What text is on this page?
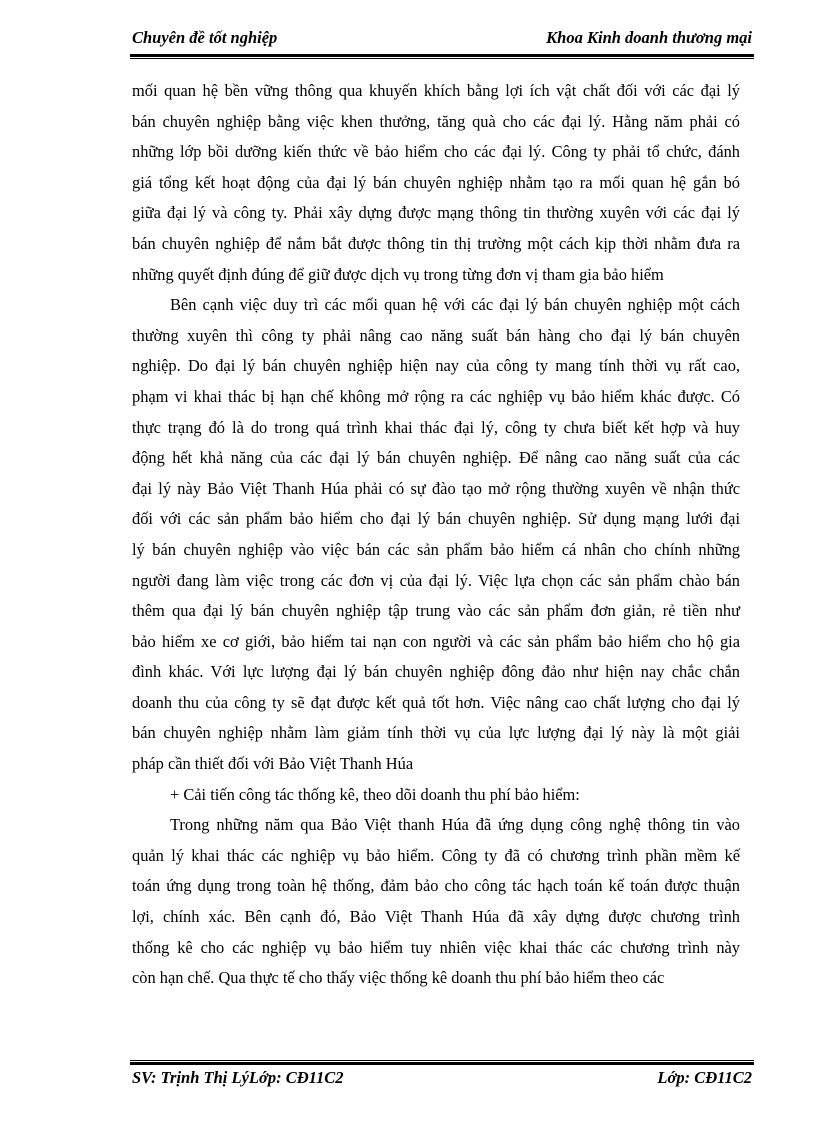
Chuyên đề tốt nghiệp	Khoa Kinh doanh thương mại

mối quan hệ bền vững thông qua khuyến khích bằng lợi ích vật chất đối với các đại lý

bán chuyên nghiệp bằng việc khen thưởng, tăng quà cho các đại lý. Hằng năm phải có

những lớp bồi dưỡng kiến thức về bảo hiểm cho các đại lý. Công ty phải tổ chức, đánh

giá tổng kết hoạt động của đại lý bán chuyên nghiệp nhằm tạo ra mối quan hệ gắn bó

giữa đại lý và công ty. Phải xây dựng được mạng thông tin thường xuyên với các đại lý

bán chuyên nghiệp để nắm bắt được thông tin thị trường một cách kịp thời nhằm đưa ra

những quyết định đúng để giữ được dịch vụ trong từng đơn vị tham gia bảo hiểm

Bên cạnh việc duy trì các mối quan hệ với các đại lý bán chuyên nghiệp một cách

thường xuyên thì công ty phải nâng cao năng suất bán hàng cho đại lý bán chuyên

nghiệp. Do đại lý bán chuyên nghiệp hiện nay của công ty mang tính thời vụ rất cao,

phạm vi khai thác bị hạn chế không mở rộng ra các nghiệp vụ bảo hiểm khác được. Có

thực trạng đó là do trong quá trình khai thác đại lý, công ty chưa biết kết hợp và huy

động hết khả năng của các đại lý bán chuyên nghiệp. Để nâng cao năng suất của các

đại lý này Bảo Việt Thanh Húa phải có sự đào tạo mở rộng thường xuyên về nhận thức

đối với các sản phẩm bảo hiểm cho đại lý bán chuyên nghiệp. Sử dụng mạng lưới đại

lý bán chuyên nghiệp vào việc bán các sản phẩm bảo hiểm cá nhân cho chính những

người đang làm việc trong các đơn vị của đại lý. Việc lựa chọn các sản phẩm chào bán

thêm qua đại lý bán chuyên nghiệp tập trung vào các sản phẩm đơn giản, rẻ tiền như

bảo hiểm xe cơ giới, bảo hiểm tai nạn con người và các sản phẩm bảo hiểm cho hộ gia

đình khác. Với lực lượng đại lý bán chuyên nghiệp đông đảo như hiện nay chắc chắn

doanh thu của công ty sẽ đạt được kết quả tốt hơn. Việc nâng cao chất lượng cho đại lý

bán chuyên nghiệp nhằm làm giảm tính thời vụ của lực lượng đại lý này là một giải

pháp cần thiết đối với Bảo Việt Thanh Húa

+ Cải tiến công tác thống kê, theo dõi doanh thu phí bảo hiểm:

Trong những năm qua Bảo Việt thanh Húa đã ứng dụng công nghệ thông tin vào

quản lý khai thác các nghiệp vụ bảo hiểm. Công ty đã có chương trình phần mềm kế

toán ứng dụng trong toàn hệ thống, đảm bảo cho công tác hạch toán kế toán được thuận

lợi, chính xác. Bên cạnh đó, Bảo Việt Thanh Húa đã xây dựng được chương trình

thống kê cho các nghiệp vụ bảo hiểm tuy nhiên việc khai thác các chương trình này

còn hạn chế. Qua thực tế cho thấy việc thống kê doanh thu phí bảo hiểm theo các

SV: Trịnh Thị LýLớp: CĐ11C2	Lớp: CĐ11C2
